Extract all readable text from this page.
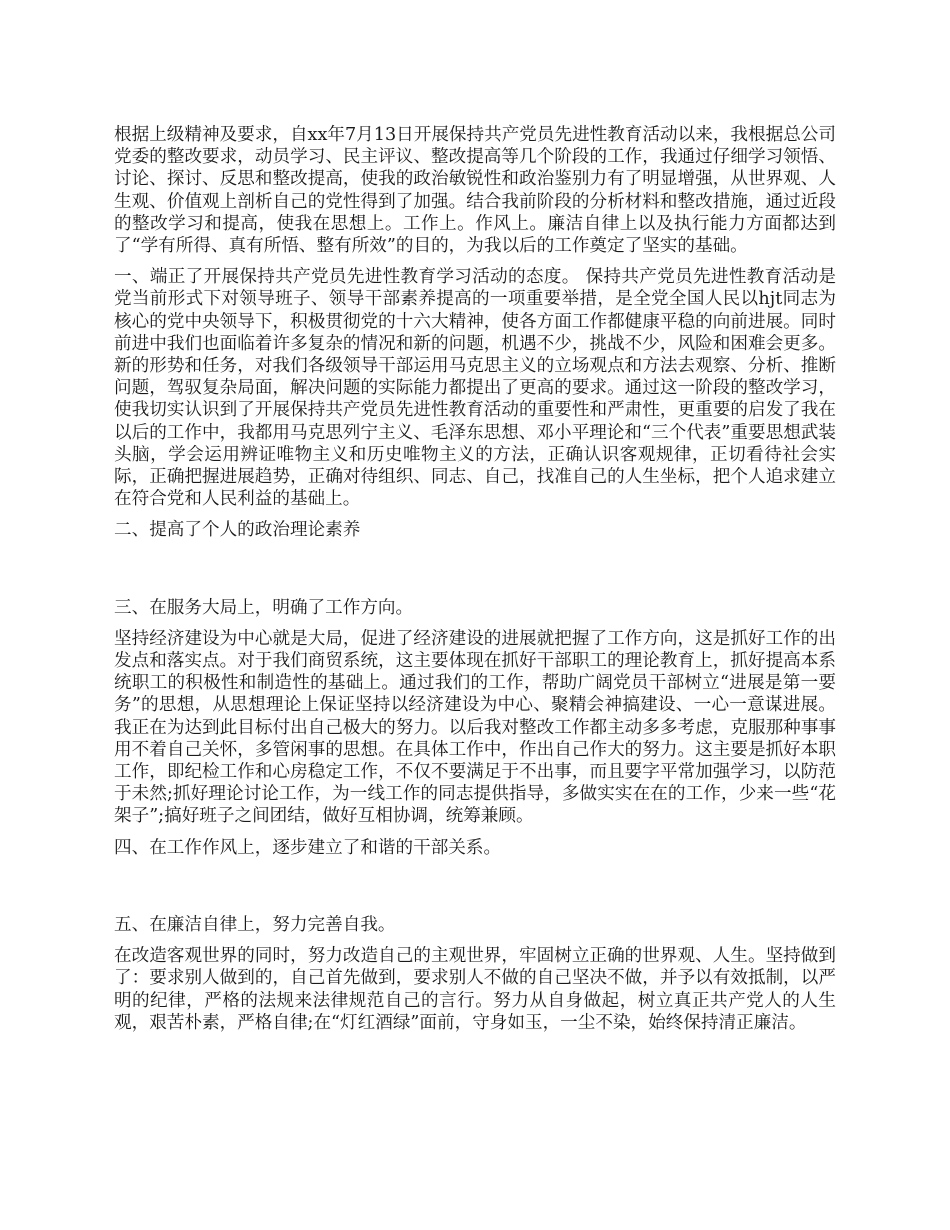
根据上级精神及要求，自xx年7月13日开展保持共产党员先进性教育活动以来，我根据总公司党委的整改要求，动员学习、民主评议、整改提高等几个阶段的工作，我通过仔细学习领悟、讨论、探讨、反思和整改提高，使我的政治敏锐性和政治鉴别力有了明显增强，从世界观、人生观、价值观上剖析自己的党性得到了加强。结合我前阶段的分析材料和整改措施，通过近段的整改学习和提高，使我在思想上。工作上。作风上。廉洁自律上以及执行能力方面都达到了“学有所得、真有所悟、整有所效”的目的，为我以后的工作奠定了坚实的基础。

一、端正了开展保持共产党员先进性教育学习活动的态度。 保持共产党员先进性教育活动是党当前形式下对领导班子、领导干部素养提高的一项重要举措，是全党全国人民以hjt同志为核心的党中央领导下，积极贯彻党的十六大精神，使各方面工作都健康平稳的向前进展。同时前进中我们也面临着许多复杂的情况和新的问题，机遇不少，挑战不少，风险和困难会更多。新的形势和任务，对我们各级领导干部运用马克思主义的立场观点和方法去观察、分析、推断问题，驾驭复杂局面，解决问题的实际能力都提出了更高的要求。通过这一阶段的整改学习，使我切实认识到了开展保持共产党员先进性教育活动的重要性和严肃性，更重要的启发了我在以后的工作中，我都用马克思列宁主义、毛泽东思想、邓小平理论和“三个代表”重要思想武装头脑，学会运用辨证唯物主义和历史唯物主义的方法，正确认识客观规律，正切看待社会实际，正确把握进展趋势，正确对待组织、同志、自己，找准自己的人生坐标，把个人追求建立在符合党和人民利益的基础上。

二、提高了个人的政治理论素养

三、在服务大局上，明确了工作方向。

坚持经济建设为中心就是大局，促进了经济建设的进展就把握了工作方向，这是抓好工作的出发点和落实点。对于我们商贸系统，这主要体现在抓好干部职工的理论教育上，抓好提高本系统职工的积极性和制造性的基础上。通过我们的工作，帮助广阔党员干部树立“进展是第一要务”的思想，从思想理论上保证坚持以经济建设为中心、聚精会神搞建设、一心一意谋进展。我正在为达到此目标付出自己极大的努力。以后我对整改工作都主动多多考虑，克服那种事事用不着自己关怀，多管闲事的思想。在具体工作中，作出自己作大的努力。这主要是抓好本职工作，即纪检工作和心房稳定工作，不仅不要满足于不出事，而且要字平常加强学习，以防范于未然;抓好理论讨论工作，为一线工作的同志提供指导，多做实实在在的工作，少来一些“花架子”;搞好班子之间团结，做好互相协调，统筹兼顾。

四、在工作作风上，逐步建立了和谐的干部关系。

五、在廉洁自律上，努力完善自我。

在改造客观世界的同时，努力改造自己的主观世界，牢固树立正确的世界观、人生。坚持做到了：要求别人做到的，自己首先做到，要求别人不做的自己坚决不做，并予以有效抵制，以严明的纪律，严格的法规来法律规范自己的言行。努力从自身做起，树立真正共产党人的人生观，艰苦朴素，严格自律;在“灯红酒绿”面前，守身如玉，一尘不染，始终保持清正廉洁。
